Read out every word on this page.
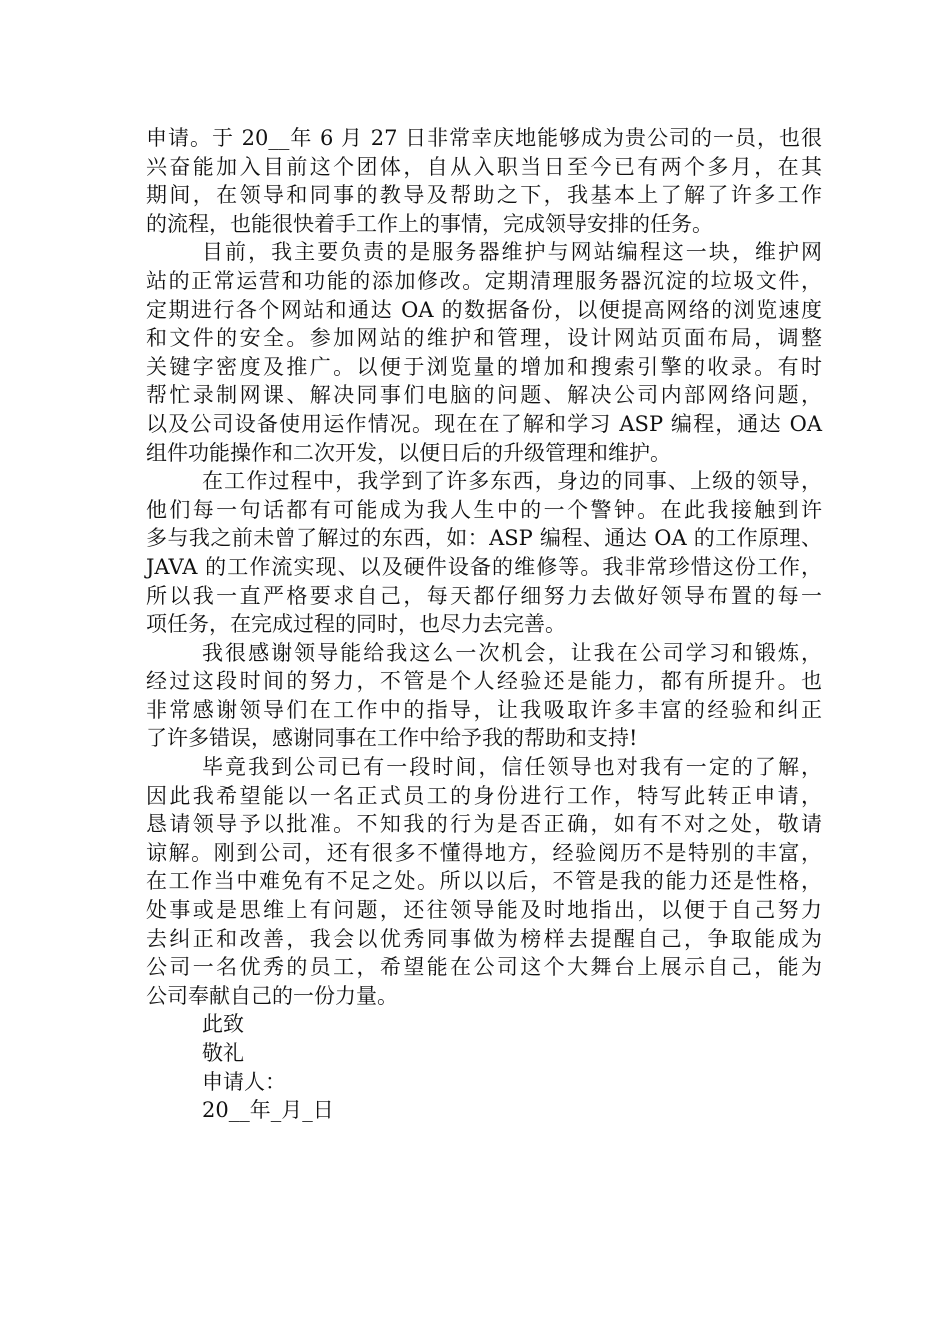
申请。于 20__年 6 月 27 日非常幸庆地能够成为贵公司的一员，也很
兴奋能加入目前这个团体，自从入职当日至今已有两个多月，在其
期间，在领导和同事的教导及帮助之下，我基本上了解了许多工作
的流程，也能很快着手工作上的事情，完成领导安排的任务。
目前，我主要负责的是服务器维护与网站编程这一块，维护网
站的正常运营和功能的添加修改。定期清理服务器沉淀的垃圾文件，
定期进行各个网站和通达 OA 的数据备份，以便提高网络的浏览速度
和文件的安全。参加网站的维护和管理，设计网站页面布局，调整
关键字密度及推广。以便于浏览量的增加和搜索引擎的收录。有时
帮忙录制网课、解决同事们电脑的问题、解决公司内部网络问题，
以及公司设备使用运作情况。现在在了解和学习 ASP 编程，通达 OA
组件功能操作和二次开发，以便日后的升级管理和维护。
在工作过程中，我学到了许多东西，身边的同事、上级的领导，
他们每一句话都有可能成为我人生中的一个警钟。在此我接触到许
多与我之前未曾了解过的东西，如：ASP 编程、通达 OA 的工作原理、
JAVA 的工作流实现、以及硬件设备的维修等。我非常珍惜这份工作，
所以我一直严格要求自己，每天都仔细努力去做好领导布置的每一
项任务，在完成过程的同时，也尽力去完善。
我很感谢领导能给我这么一次机会，让我在公司学习和锻炼，
经过这段时间的努力，不管是个人经验还是能力，都有所提升。也
非常感谢领导们在工作中的指导，让我吸取许多丰富的经验和纠正
了许多错误，感谢同事在工作中给予我的帮助和支持!
毕竟我到公司已有一段时间，信任领导也对我有一定的了解，
因此我希望能以一名正式员工的身份进行工作，特写此转正申请，
恳请领导予以批准。不知我的行为是否正确，如有不对之处，敬请
谅解。刚到公司，还有很多不懂得地方，经验阅历不是特别的丰富，
在工作当中难免有不足之处。所以以后，不管是我的能力还是性格，
处事或是思维上有问题，还往领导能及时地指出，以便于自己努力
去纠正和改善，我会以优秀同事做为榜样去提醒自己，争取能成为
公司一名优秀的员工，希望能在公司这个大舞台上展示自己，能为
公司奉献自己的一份力量。
此致
敬礼
申请人：
20__年_月_日
